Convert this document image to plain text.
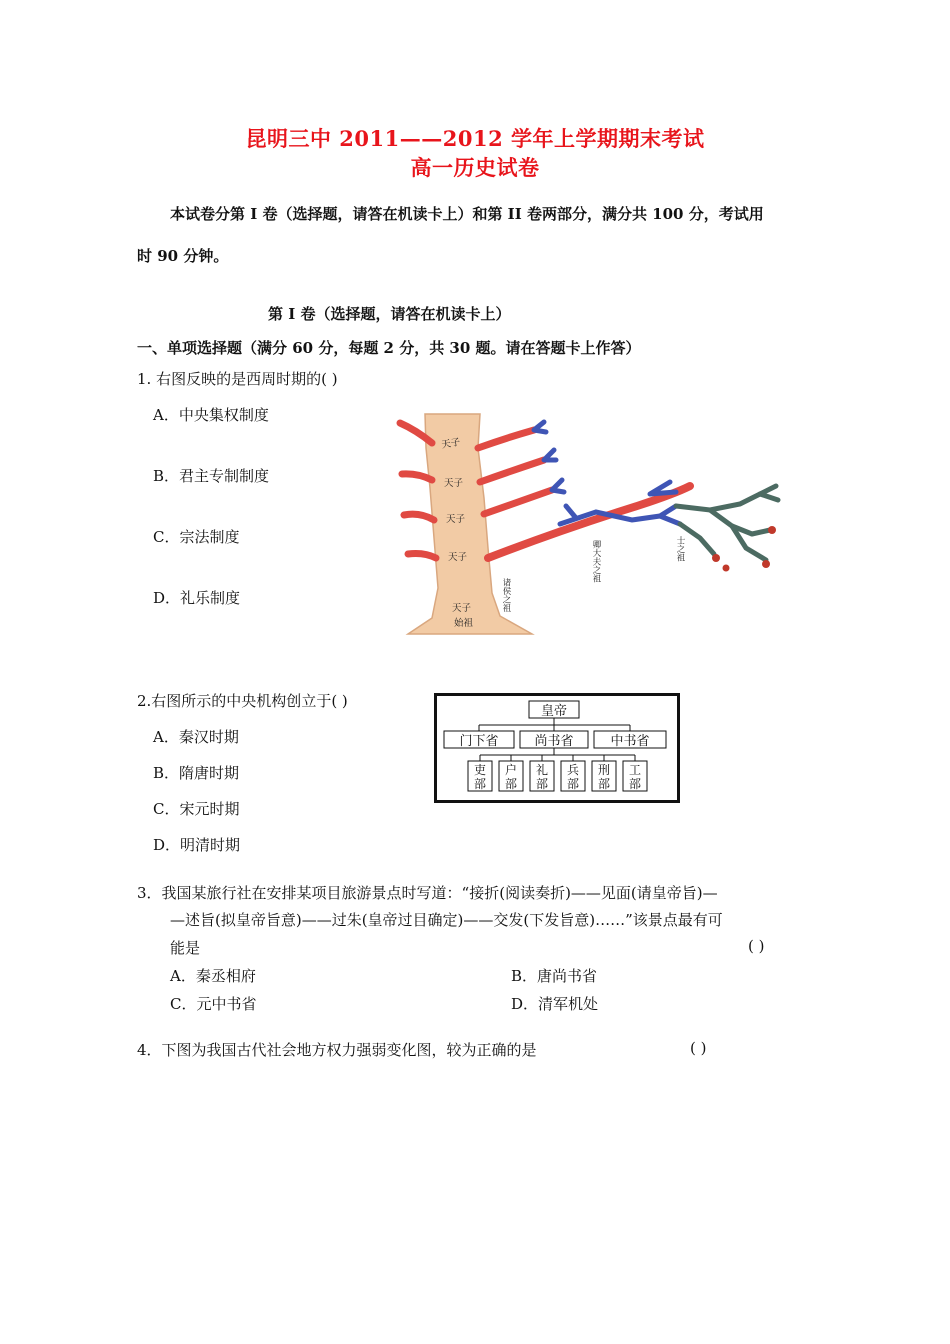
昆明三中 2011——2012 学年上学期期末考试
高一历史试卷
本试卷分第 I 卷（选择题，请答在机读卡上）和第 II 卷两部分，满分共 100 分，考试用
时 90 分钟。
第 I 卷（选择题，请答在机读卡上）
一、单项选择题（满分 60 分，每题 2 分，共 30 题。请在答题卡上作答）
1. 右图反映的是西周时期的( )
A．中央集权制度
B．君主专制制度
C．宗法制度
D．礼乐制度
天子
天子
天子
天子
天子
始祖
诸侯之祖
卿大夫之祖	士之祖
2.右图所示的中央机构创立于( )
A．秦汉时期
B．隋唐时期
C．宋元时期
D．明清时期
皇帝
门下省	尚书省	中书省
吏
部
户
部
礼
部
兵
部
刑
部
工
部
3．我国某旅行社在安排某项目旅游景点时写道：“接折(阅读奏折)——见面(请皇帝旨)—
—述旨(拟皇帝旨意)——过朱(皇帝过目确定)——交发(下发旨意)……”该景点最有可
能是	( )
A．秦丞相府	B．唐尚书省
C．元中书省	D．清军机处
4．下图为我国古代社会地方权力强弱变化图，较为正确的是	( )
